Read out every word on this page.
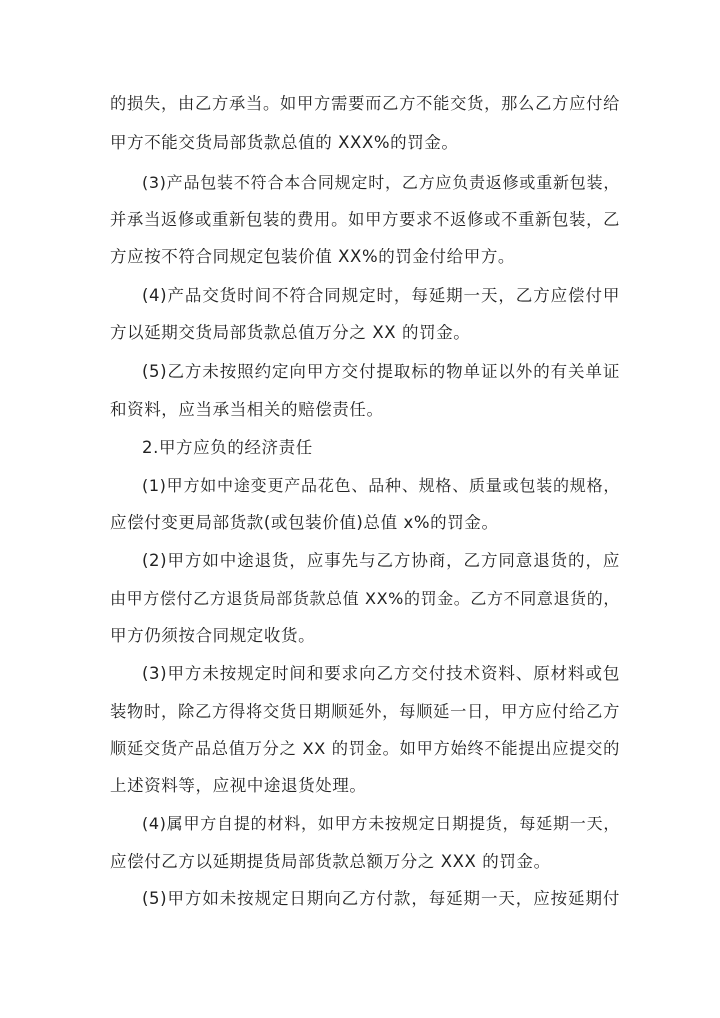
的损失，由乙方承当。如甲方需要而乙方不能交货，那么乙方应付给
甲方不能交货局部货款总值的 XXX%的罚金。
(3)产品包装不符合本合同规定时，乙方应负责返修或重新包装，
并承当返修或重新包装的费用。如甲方要求不返修或不重新包装，乙
方应按不符合同规定包装价值 XX%的罚金付给甲方。
(4)产品交货时间不符合同规定时，每延期一天，乙方应偿付甲
方以延期交货局部货款总值万分之 XX 的罚金。
(5)乙方未按照约定向甲方交付提取标的物单证以外的有关单证
和资料，应当承当相关的赔偿责任。
2.甲方应负的经济责任
(1)甲方如中途变更产品花色、品种、规格、质量或包装的规格，
应偿付变更局部货款(或包装价值)总值 x%的罚金。
(2)甲方如中途退货，应事先与乙方协商，乙方同意退货的，应
由甲方偿付乙方退货局部货款总值 XX%的罚金。乙方不同意退货的，
甲方仍须按合同规定收货。
(3)甲方未按规定时间和要求向乙方交付技术资料、原材料或包
装物时，除乙方得将交货日期顺延外，每顺延一日，甲方应付给乙方
顺延交货产品总值万分之 XX 的罚金。如甲方始终不能提出应提交的
上述资料等，应视中途退货处理。
(4)属甲方自提的材料，如甲方未按规定日期提货，每延期一天，
应偿付乙方以延期提货局部货款总额万分之 XXX 的罚金。
(5)甲方如未按规定日期向乙方付款，每延期一天，应按延期付
